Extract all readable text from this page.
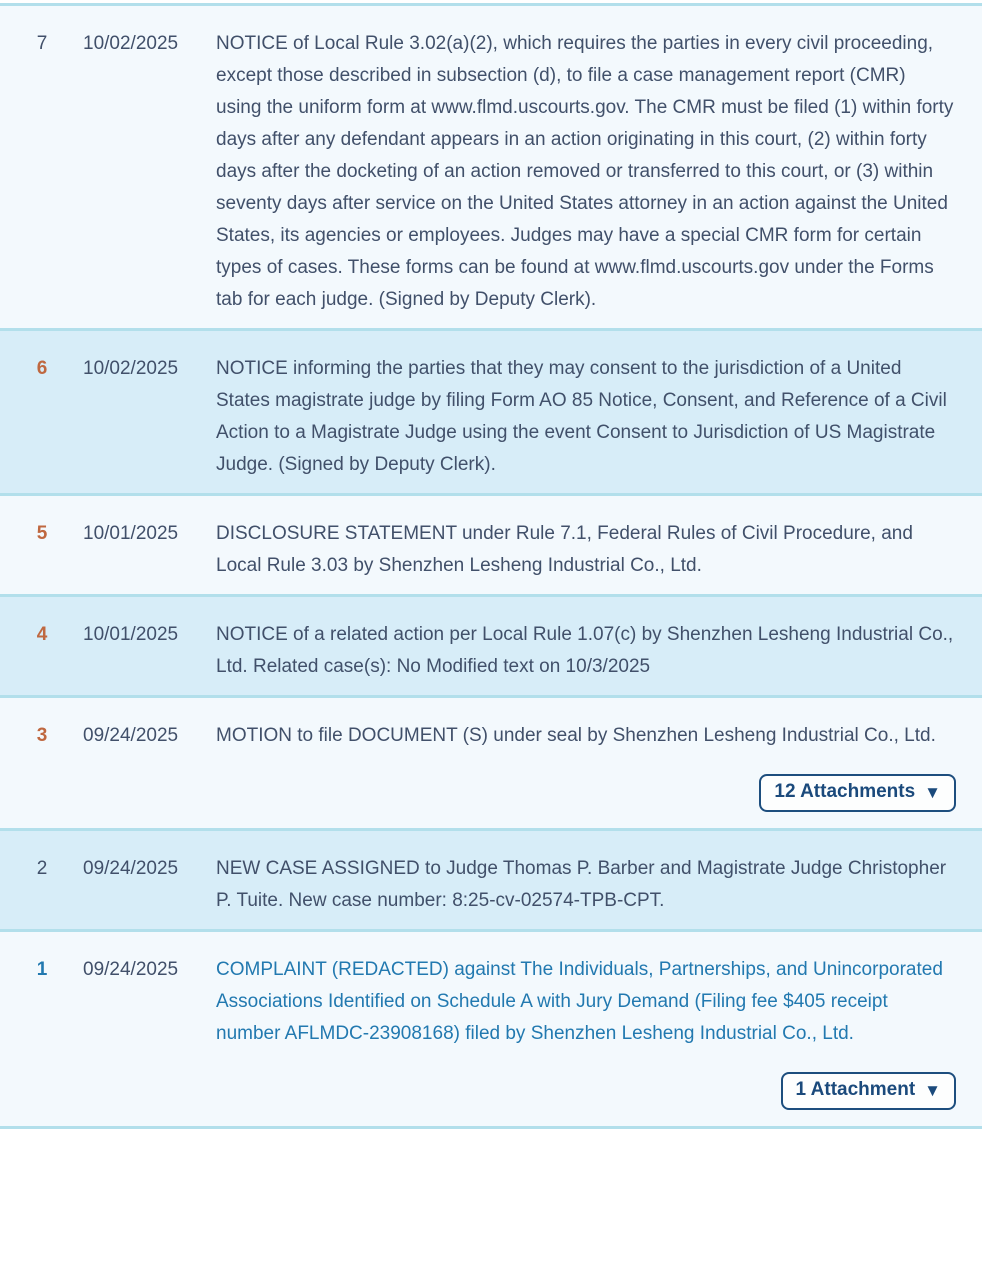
7	10/02/2025	NOTICE of Local Rule 3.02(a)(2), which requires the parties in every civil proceeding, except those described in subsection (d), to file a case management report (CMR) using the uniform form at www.flmd.uscourts.gov. The CMR must be filed (1) within forty days after any defendant appears in an action originating in this court, (2) within forty days after the docketing of an action removed or transferred to this court, or (3) within seventy days after service on the United States attorney in an action against the United States, its agencies or employees. Judges may have a special CMR form for certain types of cases. These forms can be found at www.flmd.uscourts.gov under the Forms tab for each judge. (Signed by Deputy Clerk).
6	10/02/2025	NOTICE informing the parties that they may consent to the jurisdiction of a United States magistrate judge by filing Form AO 85 Notice, Consent, and Reference of a Civil Action to a Magistrate Judge using the event Consent to Jurisdiction of US Magistrate Judge. (Signed by Deputy Clerk).
5	10/01/2025	DISCLOSURE STATEMENT under Rule 7.1, Federal Rules of Civil Procedure, and Local Rule 3.03 by Shenzhen Lesheng Industrial Co., Ltd.
4	10/01/2025	NOTICE of a related action per Local Rule 1.07(c) by Shenzhen Lesheng Industrial Co., Ltd. Related case(s): No Modified text on 10/3/2025
3	09/24/2025	MOTION to file DOCUMENT (S) under seal by Shenzhen Lesheng Industrial Co., Ltd.
12 Attachments ▼
2	09/24/2025	NEW CASE ASSIGNED to Judge Thomas P. Barber and Magistrate Judge Christopher P. Tuite. New case number: 8:25-cv-02574-TPB-CPT.
1	09/24/2025	COMPLAINT (REDACTED) against The Individuals, Partnerships, and Unincorporated Associations Identified on Schedule A with Jury Demand (Filing fee $405 receipt number AFLMDC-23908168) filed by Shenzhen Lesheng Industrial Co., Ltd.
1 Attachment ▼
